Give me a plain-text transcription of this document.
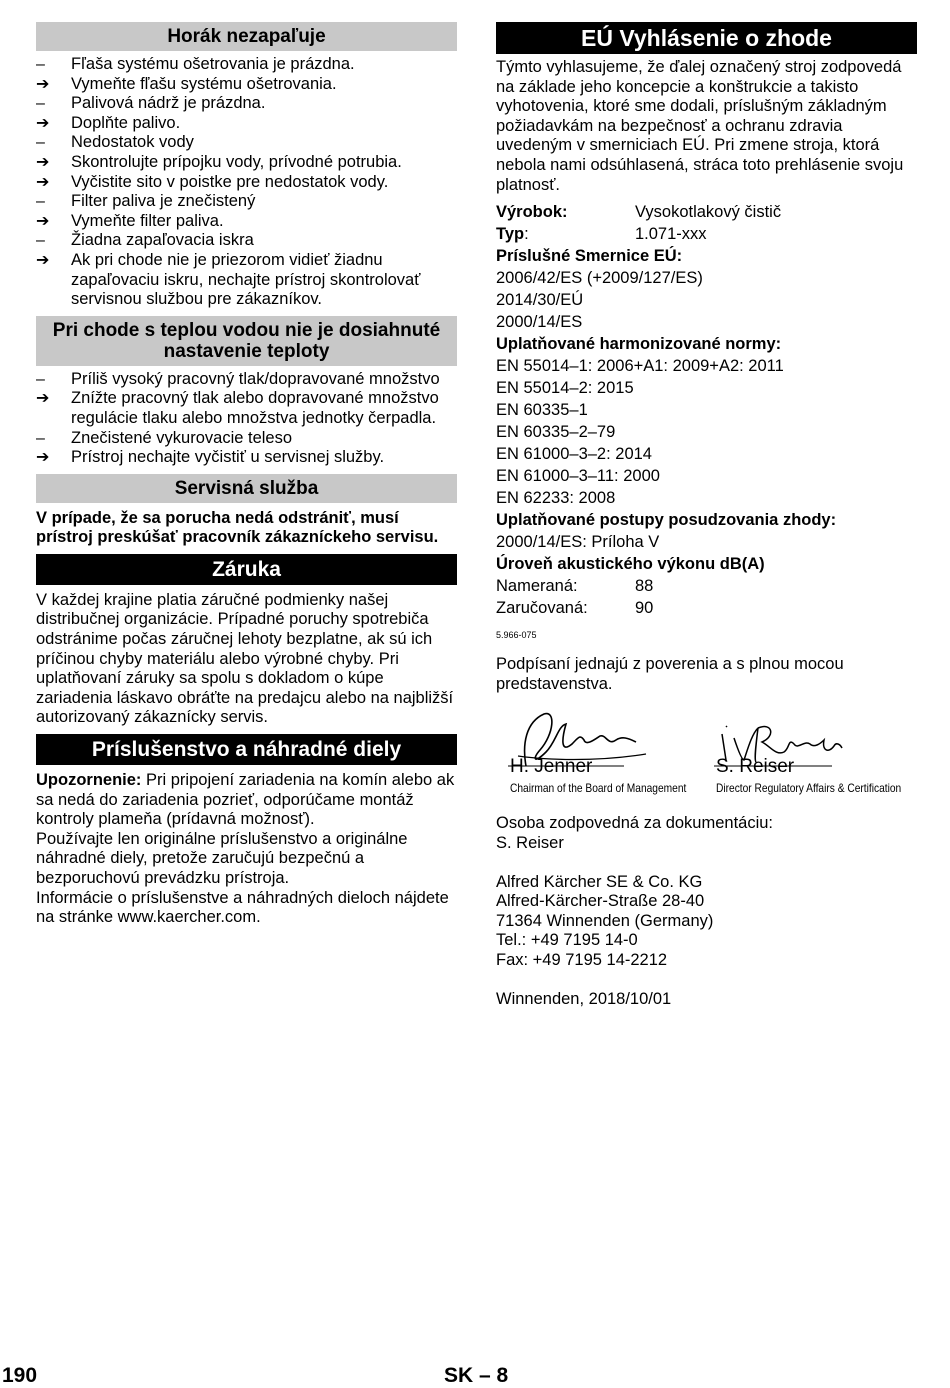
Horák nezapaľuje
–	Fľaša systému ošetrovania je prázdna.
➔	Vymeňte fľašu systému ošetrovania.
–	Palivová nádrž je prázdna.
➔	Doplňte palivo.
–	Nedostatok vody
➔	Skontrolujte prípojku vody, prívodné potrubia.
➔	Vyčistite sito v poistke pre nedostatok vody.
–	Filter paliva je znečistený
➔	Vymeňte filter paliva.
–	Žiadna zapaľovacia iskra
➔	Ak pri chode nie je priezorom vidieť žiadnu zapaľovaciu iskru, nechajte prístroj skontrolovať servisnou službou pre zákazníkov.
Pri chode s teplou vodou nie je dosiahnuté nastavenie teploty
–	Príliš vysoký pracovný tlak/dopravované množstvo
➔	Znížte pracovný tlak alebo dopravované množstvo regulácie tlaku alebo množstva jednotky čerpadla.
–	Znečistené vykurovacie teleso
➔	Prístroj nechajte vyčistiť u servisnej služby.
Servisná služba

V prípade, že sa porucha nedá odstrániť, musí prístroj preskúšať pracovník zákazníckeho servisu.

Záruka

V každej krajine platia záručné podmienky našej distribučnej organizácie. Prípadné poruchy spotrebiča odstránime počas záručnej lehoty bezplatne, ak sú ich príčinou chyby materiálu alebo výrobné chyby. Pri uplatňovaní záruky sa spolu s dokladom o kúpe zariadenia láskavo obráťte na predajcu alebo na najbližší autorizovaný zákaznícky servis.

Príslušenstvo a náhradné diely

Upozornenie: Pri pripojení zariadenia na komín alebo ak sa nedá do zariadenia pozrieť, odporúčame montáž kontroly plameňa (prídavná možnosť).

Používajte len originálne príslušenstvo a originálne náhradné diely, pretože zaručujú bezpečnú a bezporuchovú prevádzku prístroja.

Informácie o príslušenstve a náhradných dieloch nájdete na stránke www.kaercher.com.

EÚ Vyhlásenie o zhode

Týmto vyhlasujeme, že ďalej označený stroj zodpovedá na základe jeho koncepcie a konštrukcie a takisto vyhotovenia, ktoré sme dodali, príslušným základným požiadavkám na bezpečnosť a ochranu zdravia uvedeným v smerniciach EÚ. Pri zmene stroja, ktorá nebola nami odsúhlasená, stráca toto prehlásenie svoju platnosť.

Výrobok:	Vysokotlakový čistič
Typ:	1.071-xxx

Príslušné Smernice EÚ:

2006/42/ES (+2009/127/ES)

2014/30/EÚ

2000/14/ES

Uplatňované harmonizované normy:

EN 55014–1: 2006+A1: 2009+A2: 2011

EN 55014–2: 2015

EN 60335–1

EN 60335–2–79

EN 61000–3–2: 2014

EN 61000–3–11: 2000

EN 62233: 2008

Uplatňované postupy posudzovania zhody:

2000/14/ES: Príloha V

Úroveň akustického výkonu dB(A)

Nameraná:	88
Zaručovaná:	90

5.966-075

Podpísaní jednajú z poverenia a s plnou mocou predstavenstva.

H. Jenner
Chairman of the Board of Management
S. Reiser
Director Regulatory Affairs & Certification

Osoba zodpovedná za dokumentáciu:

S. Reiser

Alfred Kärcher SE & Co. KG

Alfred-Kärcher-Straße 28-40

71364 Winnenden (Germany)

Tel.: +49 7195 14-0

Fax: +49 7195 14-2212

Winnenden, 2018/10/01

190	SK – 8
